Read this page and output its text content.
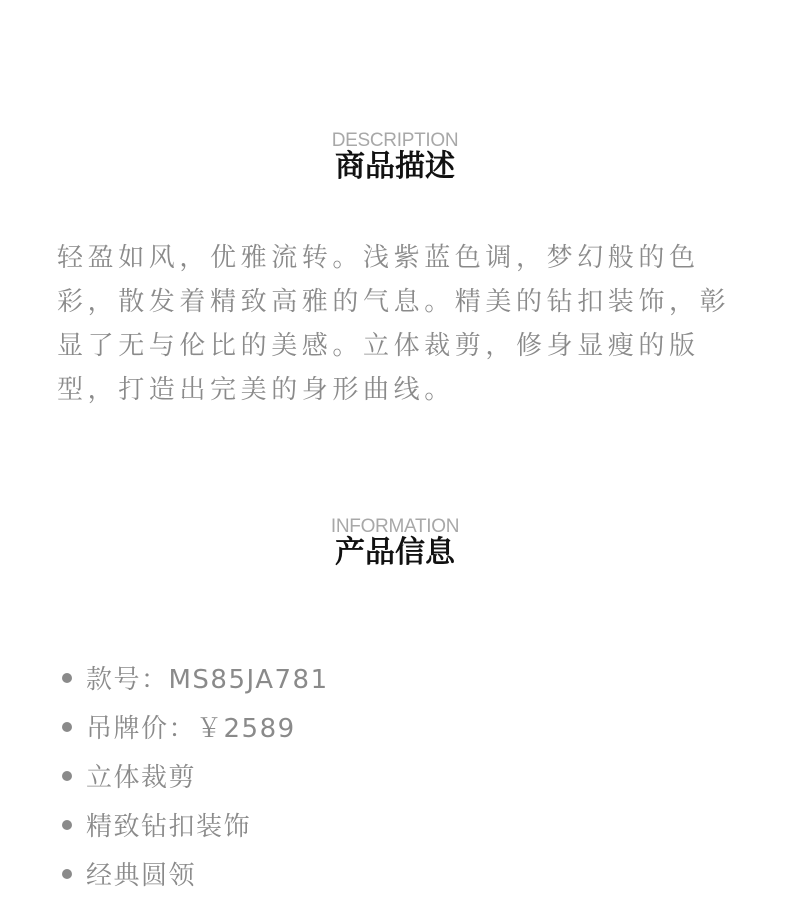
DESCRIPTION
商品描述

轻盈如风，优雅流转。浅紫蓝色调，梦幻般的色彩，散发着精致高雅的气息。精美的钻扣装饰，彰显了无与伦比的美感。立体裁剪，修身显瘦的版型，打造出完美的身形曲线。

INFORMATION
产品信息
款号：MS85JA781
吊牌价：￥2589
立体裁剪
精致钻扣装饰
经典圆领
